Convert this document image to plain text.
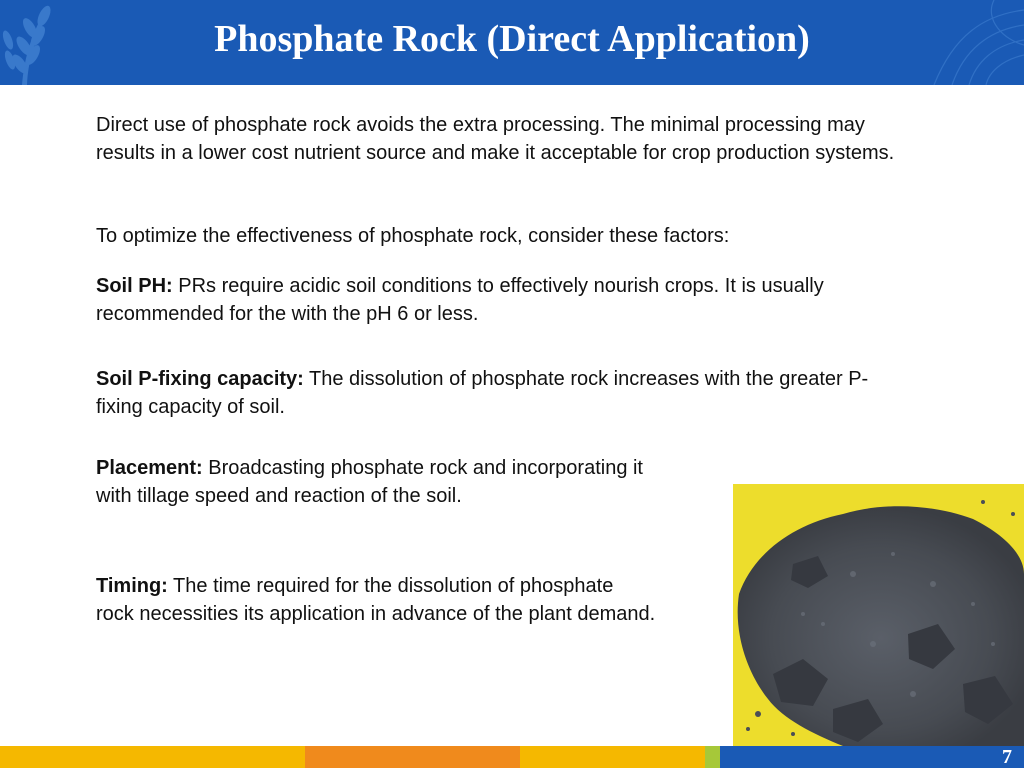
Phosphate Rock (Direct Application)

Direct use of phosphate rock avoids the extra processing. The minimal processing may results in a lower cost nutrient source and make it acceptable for crop production systems.

To optimize the effectiveness of phosphate rock, consider these factors:

Soil PH: PRs require acidic soil conditions to effectively nourish crops. It is usually recommended for the with the pH 6 or less.

Soil P-fixing capacity: The dissolution of phosphate rock increases with the greater P-fixing capacity of soil.

Placement: Broadcasting phosphate rock and incorporating it with tillage speed and reaction of the soil.

Timing: The time required for the dissolution of phosphate rock necessities its application in advance of the plant demand.

7
